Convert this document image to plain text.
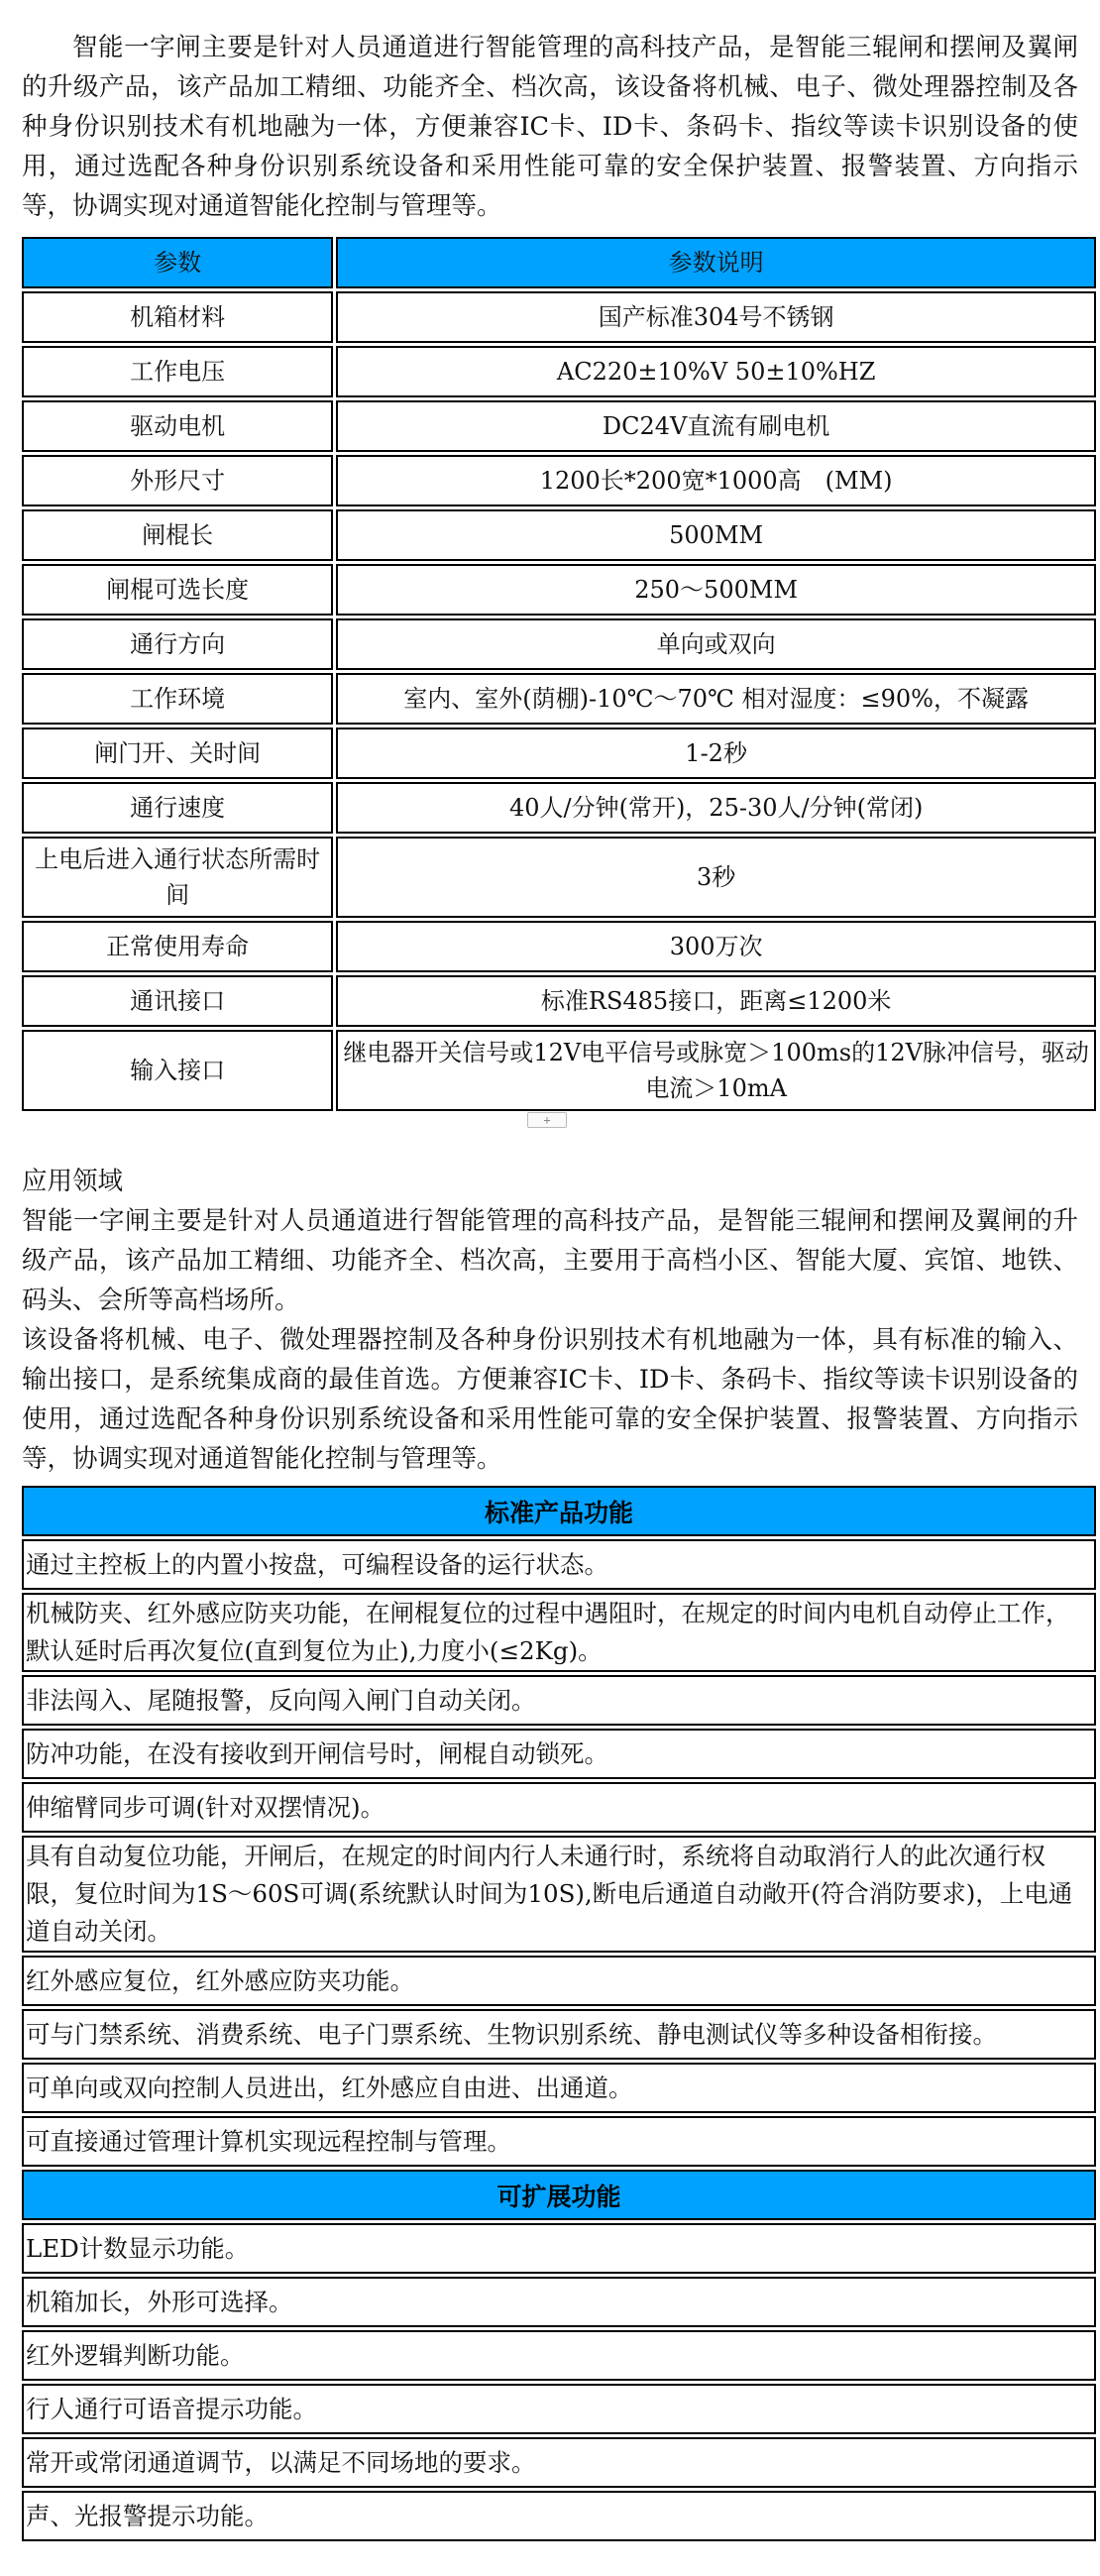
智能一字闸主要是针对人员通道进行智能管理的高科技产品，是智能三辊闸和摆闸及翼闸的升级产品，该产品加工精细、功能齐全、档次高，该设备将机械、电子、微处理器控制及各种身份识别技术有机地融为一体，方便兼容IC卡、ID卡、条码卡、指纹等读卡识别设备的使用，通过选配各种身份识别系统设备和采用性能可靠的安全保护装置、报警装置、方向指示等，协调实现对通道智能化控制与管理等。

参数	参数说明
机箱材料	国产标准304号不锈钢
工作电压	AC220±10%V 50±10%HZ
驱动电机	DC24V直流有刷电机
外形尺寸	1200长*200宽*1000高　(MM)
闸棍长	500MM
闸棍可选长度	250～500MM
通行方向	单向或双向
工作环境	室内、室外(荫棚)-10℃～70℃ 相对湿度：≤90%，不凝露
闸门开、关时间	1-2秒
通行速度	40人/分钟(常开)，25-30人/分钟(常闭)
上电后进入通行状态所需时间	3秒
正常使用寿命	300万次
通讯接口	标准RS485接口，距离≤1200米
输入接口	继电器开关信号或12V电平信号或脉宽＞100ms的12V脉冲信号，驱动电流＞10mA
+

应用领域

智能一字闸主要是针对人员通道进行智能管理的高科技产品，是智能三辊闸和摆闸及翼闸的升级产品，该产品加工精细、功能齐全、档次高，主要用于高档小区、智能大厦、宾馆、地铁、码头、会所等高档场所。

该设备将机械、电子、微处理器控制及各种身份识别技术有机地融为一体，具有标准的输入、输出接口，是系统集成商的最佳首选。方便兼容IC卡、ID卡、条码卡、指纹等读卡识别设备的使用，通过选配各种身份识别系统设备和采用性能可靠的安全保护装置、报警装置、方向指示等，协调实现对通道智能化控制与管理等。

标准产品功能
通过主控板上的内置小按盘，可编程设备的运行状态。
机械防夹、红外感应防夹功能，在闸棍复位的过程中遇阻时，在规定的时间内电机自动停止工作，默认延时后再次复位(直到复位为止),力度小(≤2Kg)。
非法闯入、尾随报警，反向闯入闸门自动关闭。
防冲功能，在没有接收到开闸信号时，闸棍自动锁死。
伸缩臂同步可调(针对双摆情况)。
具有自动复位功能，开闸后，在规定的时间内行人未通行时，系统将自动取消行人的此次通行权限，复位时间为1S～60S可调(系统默认时间为10S),断电后通道自动敞开(符合消防要求)，上电通道自动关闭。
红外感应复位，红外感应防夹功能。
可与门禁系统、消费系统、电子门票系统、生物识别系统、静电测试仪等多种设备相衔接。
可单向或双向控制人员进出，红外感应自由进、出通道。
可直接通过管理计算机实现远程控制与管理。
可扩展功能
LED计数显示功能。
机箱加长，外形可选择。
红外逻辑判断功能。
行人通行可语音提示功能。
常开或常闭通道调节，以满足不同场地的要求。
声、光报警提示功能。
